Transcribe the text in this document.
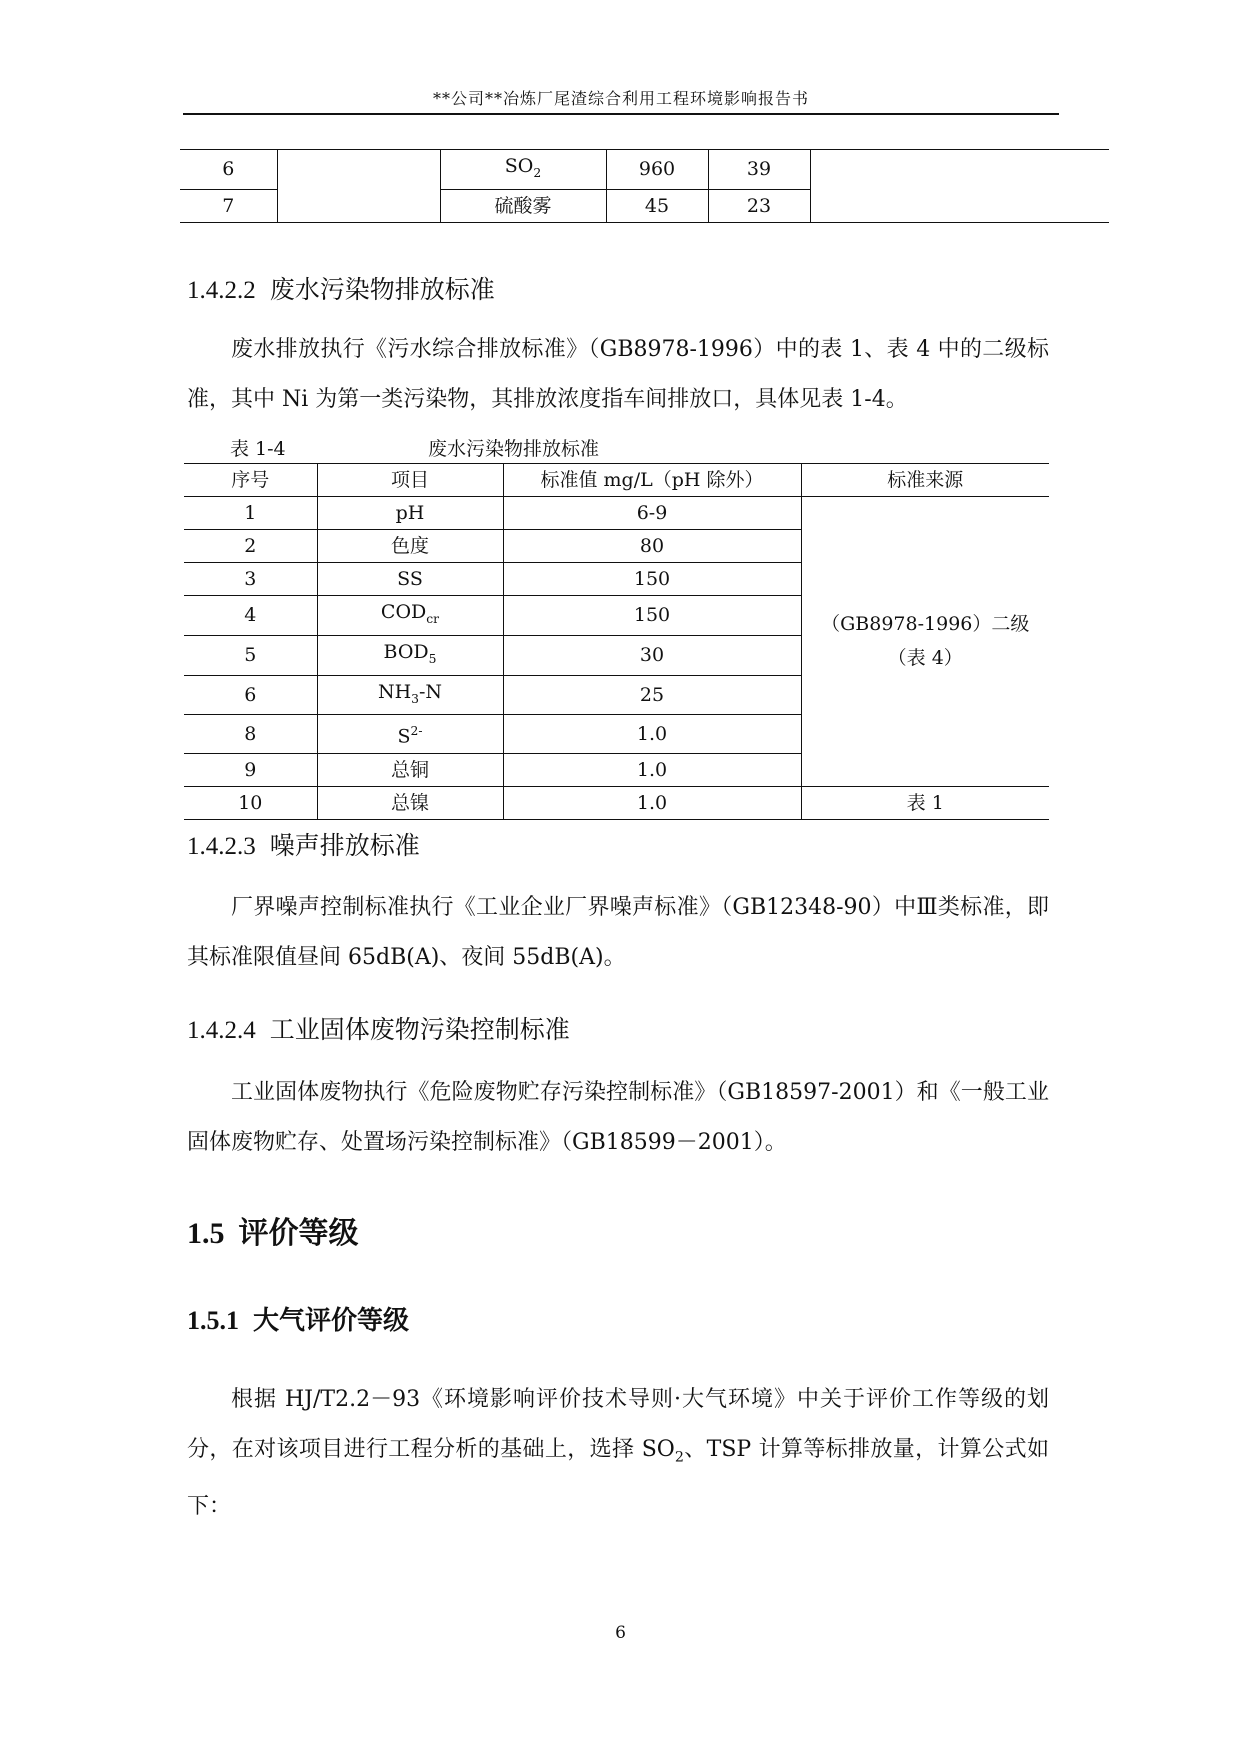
**公司**冶炼厂尾渣综合利用工程环境影响报告书
6		$SO_2$	960	39	
7		硫酸雾	45	23	
1.4.2.2 废水污染物排放标准
废水排放执行《污水综合排放标准》（GB8978-1996）中的表 1、表 4 中的二级标准，其中 Ni 为第一类污染物，其排放浓度指车间排放口，具体见表 1-4。
表 1-4	废水污染物排放标准
序号	项目	标准值 mg/L（pH 除外）	标准来源
1	pH	6-9	（GB8978-1996）二级
（表 4）

2	色度	80	
3	SS	150	
4	$COD_{cr}$	150	
5	$BOD_5$	30	
6	$NH_3-N$	25	
8	$S^{2-}$	1.0	
9	总铜	1.0	
10	总镍	1.0	表 1
1.4.2.3 噪声排放标准
厂界噪声控制标准执行《工业企业厂界噪声标准》（GB12348-90）中Ⅲ类标准，即其标准限值昼间 65dB(A)、夜间 55dB(A)。
1.4.2.4 工业固体废物污染控制标准
工业固体废物执行《危险废物贮存污染控制标准》（GB18597-2001）和《一般工业固体废物贮存、处置场污染控制标准》（GB18599－2001）。
1.5 评价等级
1.5.1 大气评价等级
根据 HJ/T2.2－93《环境影响评价技术导则·大气环境》中关于评价工作等级的划分，在对该项目进行工程分析的基础上，选择 $SO_2$、TSP 计算等标排放量，计算公式如下：
6
